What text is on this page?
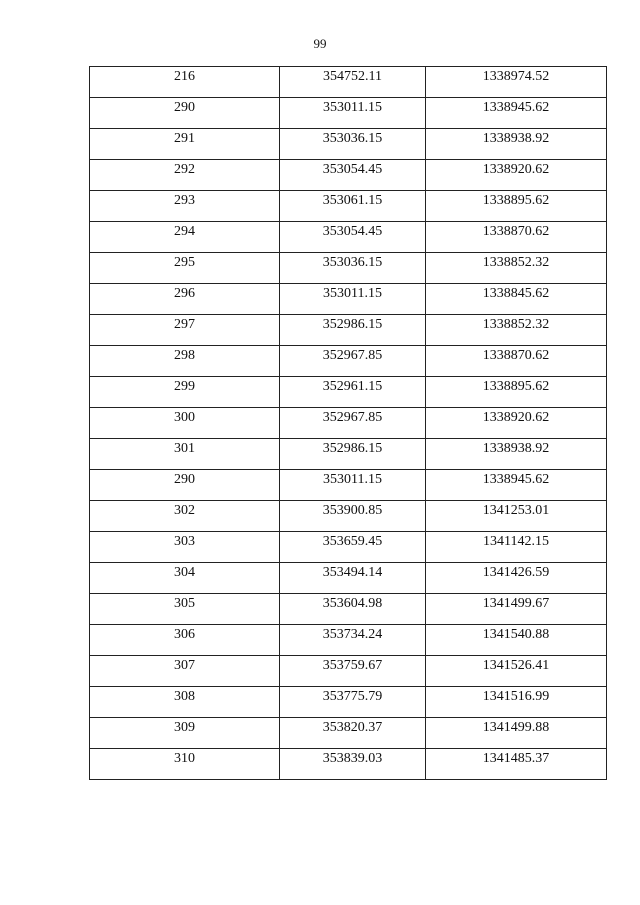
99
216	354752.11	1338974.52
290	353011.15	1338945.62
291	353036.15	1338938.92
292	353054.45	1338920.62
293	353061.15	1338895.62
294	353054.45	1338870.62
295	353036.15	1338852.32
296	353011.15	1338845.62
297	352986.15	1338852.32
298	352967.85	1338870.62
299	352961.15	1338895.62
300	352967.85	1338920.62
301	352986.15	1338938.92
290	353011.15	1338945.62
302	353900.85	1341253.01
303	353659.45	1341142.15
304	353494.14	1341426.59
305	353604.98	1341499.67
306	353734.24	1341540.88
307	353759.67	1341526.41
308	353775.79	1341516.99
309	353820.37	1341499.88
310	353839.03	1341485.37
